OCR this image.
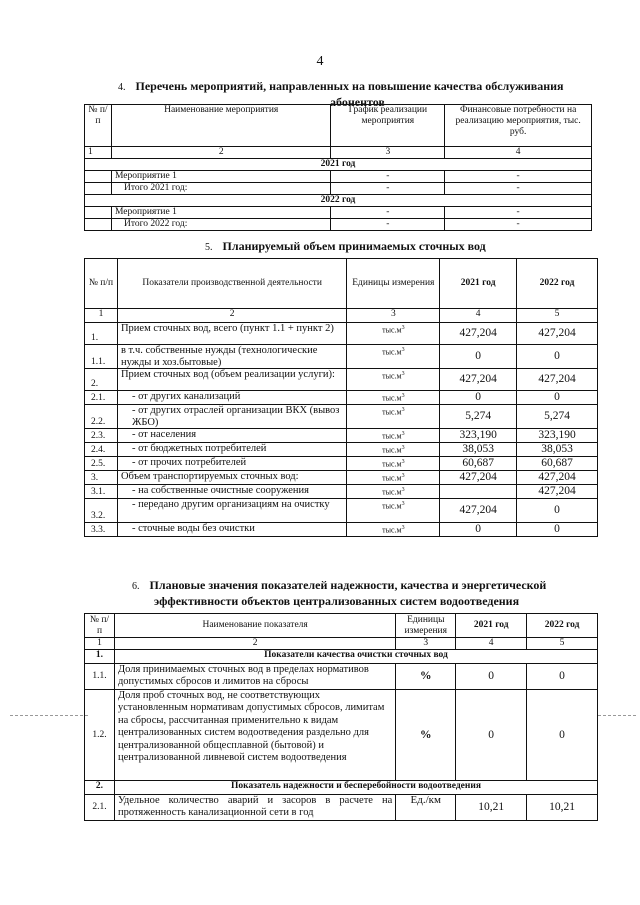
4
4. Перечень мероприятий, направленных на повышение качества обслуживания
абонентов
№ п/п	Наименование мероприятия	График реализации мероприятия	Финансовые потребности на реализацию мероприятия, тыс. руб.
1	2	3	4
2021 год			
	Мероприятие 1	-	-
	Итого 2021 год:	-	-
2022 год			
	Мероприятие 1	-	-
	Итого 2022 год:	-	-
5. Планируемый объем принимаемых сточных вод
№ п/п	Показатели производственной деятельности	Единицы измерения	2021 год	2022 год
1	2	3	4	5
1.	Прием сточных вод, всего (пункт 1.1 + пункт 2)	$тыс.м^3$	427,204	427,204
1.1.	в т.ч. собственные нужды (технологические нужды и хоз.бытовые)	$тыс.м^3$	0	0
2.	Прием сточных вод (объем реализации услуги):	$тыс.м^3$	427,204	427,204
2.1.	- от других канализаций	$тыс.м^3$	0	0
2.2.	- от других отраслей организации ВКХ (вывоз ЖБО)	$тыс.м^3$	5,274	5,274
2.3.	- от населения	$тыс.м^3$	323,190	323,190
2.4.	- от бюджетных потребителей	$тыс.м^3$	38,053	38,053
2.5.	- от прочих потребителей	$тыс.м^3$	60,687	60,687
3.	Объем транспортируемых сточных вод:	$тыс.м^3$	427,204	427,204
3.1.	- на собственные очистные сооружения	$тыс.м^3$		427,204
3.2.	- передано другим организациям на очистку	$тыс.м^3$	427,204	0
3.3.	- сточные воды без очистки	$тыс.м^3$	0	0
6. Плановые значения показателей надежности, качества и энергетической
эффективности объектов централизованных систем водоотведения
№ п/п	Наименование показателя	Единицы измерения	2021 год	2022 год
1	2	3	4	5
1.	Показатели качества очистки сточных вод			
1.1.	Доля принимаемых сточных вод в пределах нормативов допустимых сбросов и лимитов на сбросы	%	0	0
1.2.	Доля проб сточных вод, не соответствующих установленным нормативам допустимых сбросов, лимитам на сбросы, рассчитанная применительно к видам централизованных систем водоотведения раздельно для централизованной общесплавной (бытовой) и централизованной ливневой систем водоотведения	%	0	0
2.	Показатель надежности и бесперебойности водоотведения			
2.1.	Удельное количество аварий и засоров в расчете на протяженность канализационной сети в год	Ед./км	10,21	10,21
